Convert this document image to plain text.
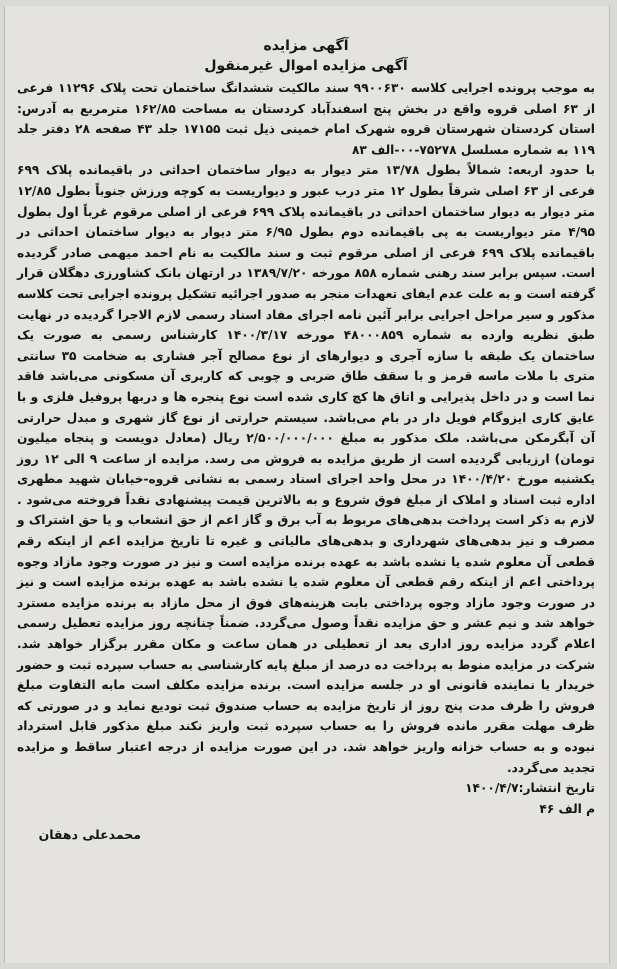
آگهی مزایده
آگهی مزایده اموال غیرمنقول

به موجب پرونده اجرایی کلاسه ۹۹۰۰۶۳۰ سند مالکیت ششدانگ ساختمان تحت پلاک ۱۱۲۹۶ فرعی از ۶۳ اصلی قروه واقع در بخش پنج اسفندآباد کردستان به مساحت ۱۶۲/۸۵ مترمربع به آدرس: استان کردستان شهرستان قروه شهرک امام خمینی ذیل ثبت ۱۷۱۵۵ جلد ۴۳ صفحه ۲۸ دفتر جلد ۱۱۹ به شماره مسلسل ۷۵۲۷۸-۰۰-الف ۸۳

با حدود اربعه: شمالاً بطول ۱۳/۷۸ متر دیوار به دیوار ساختمان احداثی در باقیمانده پلاک ۶۹۹ فرعی از ۶۳ اصلی شرقاً بطول ۱۲ متر درب عبور و دیواریست به کوچه ورزش جنوباً بطول ۱۲/۸۵ متر دیوار به دیوار ساختمان احداثی در باقیمانده پلاک ۶۹۹ فرعی از اصلی مرقوم غرباً اول بطول ۴/۹۵ متر دیواریست به پی باقیمانده دوم بطول ۶/۹۵ متر دیوار به دیوار ساختمان احداثی در باقیمانده پلاک ۶۹۹ فرعی از اصلی مرقوم ثبت و سند مالکیت به نام احمد میهمی صادر گردیده است. سپس برابر سند رهنی شماره ۸۵۸ مورخه ۱۳۸۹/۷/۲۰ در ارتهان بانک کشاورزی دهگلان قرار گرفته است و به علت عدم ایفای تعهدات منجر به صدور اجرائیه تشکیل پرونده اجرایی تحت کلاسه مذکور و سیر مراحل اجرایی برابر آئین نامه اجرای مفاد اسناد رسمی لازم الاجرا گردیده در نهایت طبق نظریه وارده به شماره ۴۸۰۰۰۸۵۹ مورخه ۱۴۰۰/۳/۱۷ کارشناس رسمی به صورت یک ساختمان یک طبقه با سازه آجری و دیوارهای از نوع مصالح آجر فشاری به ضخامت ۳۵ سانتی متری با ملات ماسه قرمز و با سقف طاق ضربی و چوبی که کاربری آن مسکونی می‌باشد فاقد نما است و در داخل پذیرایی و اتاق ها کچ کاری شده است نوع پنجره ها و دربها پروفیل فلزی و با عایق کاری ایزوگام فویل دار در بام می‌باشد. سیستم حرارتی از نوع گاز شهری و مبدل حرارتی آن آبگرمکن می‌باشد. ملک مذکور به مبلغ ۲/۵۰۰/۰۰۰/۰۰۰ ریال (معادل دویست و پنجاه میلیون تومان) ارزیابی گردیده است از طریق مزایده به فروش می رسد. مزایده از ساعت ۹ الی ۱۲ روز یکشنبه مورخ ۱۴۰۰/۴/۲۰ در محل واحد اجرای اسناد رسمی به نشانی قروه-خیابان شهید مطهری اداره ثبت اسناد و املاک از مبلغ فوق شروع و به بالاترین قیمت پیشنهادی نقداً فروخته می‌شود . لازم به ذکر است پرداخت بدهی‌های مربوط به آب برق و گاز اعم از حق انشعاب و یا حق اشتراک و مصرف و نیز بدهی‌های شهرداری و بدهی‌های مالیاتی و غیره تا تاریخ مزایده اعم از اینکه رقم قطعی آن معلوم شده یا نشده باشد به عهده برنده مزایده است و نیز در صورت وجود مازاد وجوه پرداختی اعم از اینکه رقم قطعی آن معلوم شده یا نشده باشد به عهده برنده مزایده است و نیز در صورت وجود مازاد وجوه پرداختی بابت هزینه‌های فوق از محل مازاد به برنده مزایده مسترد خواهد شد و نیم عشر و حق مزایده نقداً وصول می‌گردد. ضمناً چنانچه روز مزایده تعطیل رسمی اعلام گردد مزایده روز اداری بعد از تعطیلی در همان ساعت و مکان مقرر برگزار خواهد شد. شرکت در مزایده منوط به پرداخت ده درصد از مبلغ پایه کارشناسی به حساب سپرده ثبت و حضور خریدار یا نماینده قانونی او در جلسه مزایده است. برنده مزایده مکلف است مابه التفاوت مبلغ فروش را ظرف مدت پنج روز از تاریخ مزایده به حساب صندوق ثبت تودیع نماید و در صورتی که ظرف مهلت مقرر مانده فروش را به حساب سپرده ثبت واریز نکند مبلغ مذکور قابل استرداد نبوده و به حساب خزانه واریز خواهد شد. در این صورت مزایده از درجه اعتبار ساقط و مزایده تجدید می‌گردد.

تاریخ انتشار:۱۴۰۰/۴/۷

م الف ۴۶

محمدعلی دهقان
